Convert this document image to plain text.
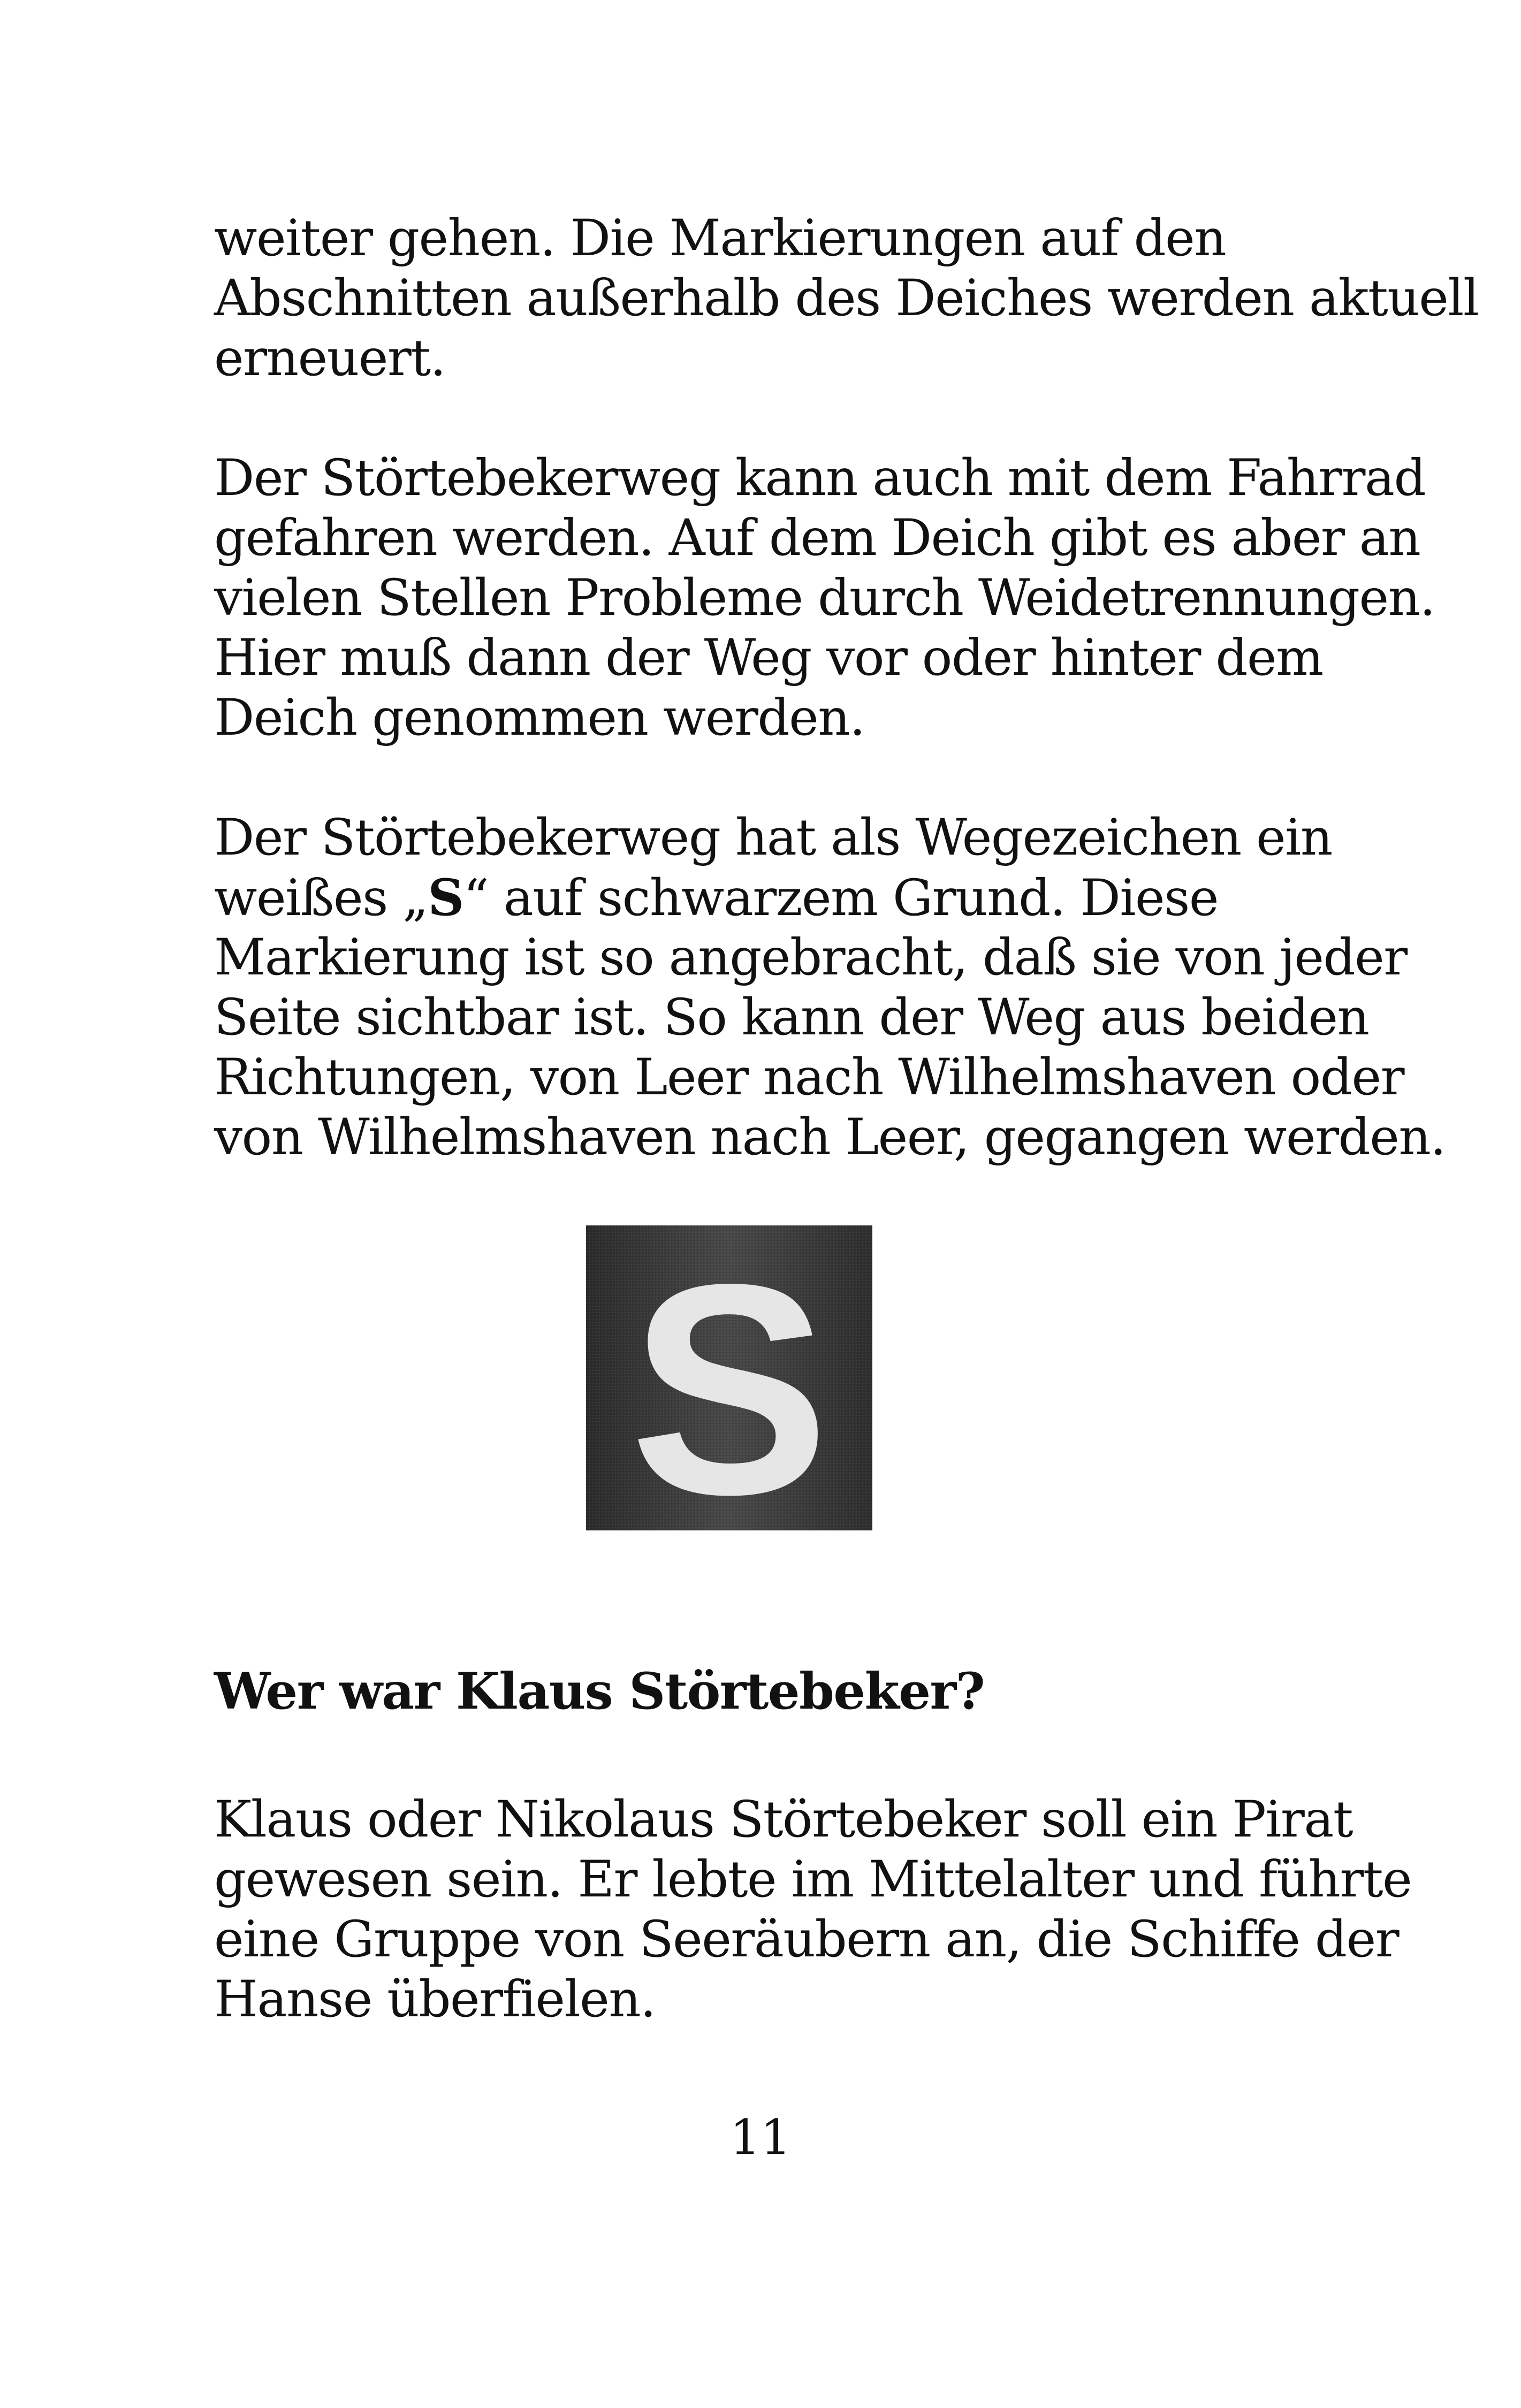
weiter gehen. Die Markierungen auf den
Abschnitten außerhalb des Deiches werden aktuell
erneuert.
Der Störtebekerweg kann auch mit dem Fahrrad
gefahren werden. Auf dem Deich gibt es aber an
vielen Stellen Probleme durch Weidetrennungen.
Hier muß dann der Weg vor oder hinter dem
Deich genommen werden.
Der Störtebekerweg hat als Wegezeichen ein
weißes „S“ auf schwarzem Grund. Diese
Markierung ist so angebracht, daß sie von jeder
Seite sichtbar ist. So kann der Weg aus beiden
Richtungen, von Leer nach Wilhelmshaven oder
von Wilhelmshaven nach Leer, gegangen werden.
S
Wer war Klaus Störtebeker?
Klaus oder Nikolaus Störtebeker soll ein Pirat
gewesen sein. Er lebte im Mittelalter und führte
eine Gruppe von Seeräubern an, die Schiffe der
Hanse überfielen.
11
